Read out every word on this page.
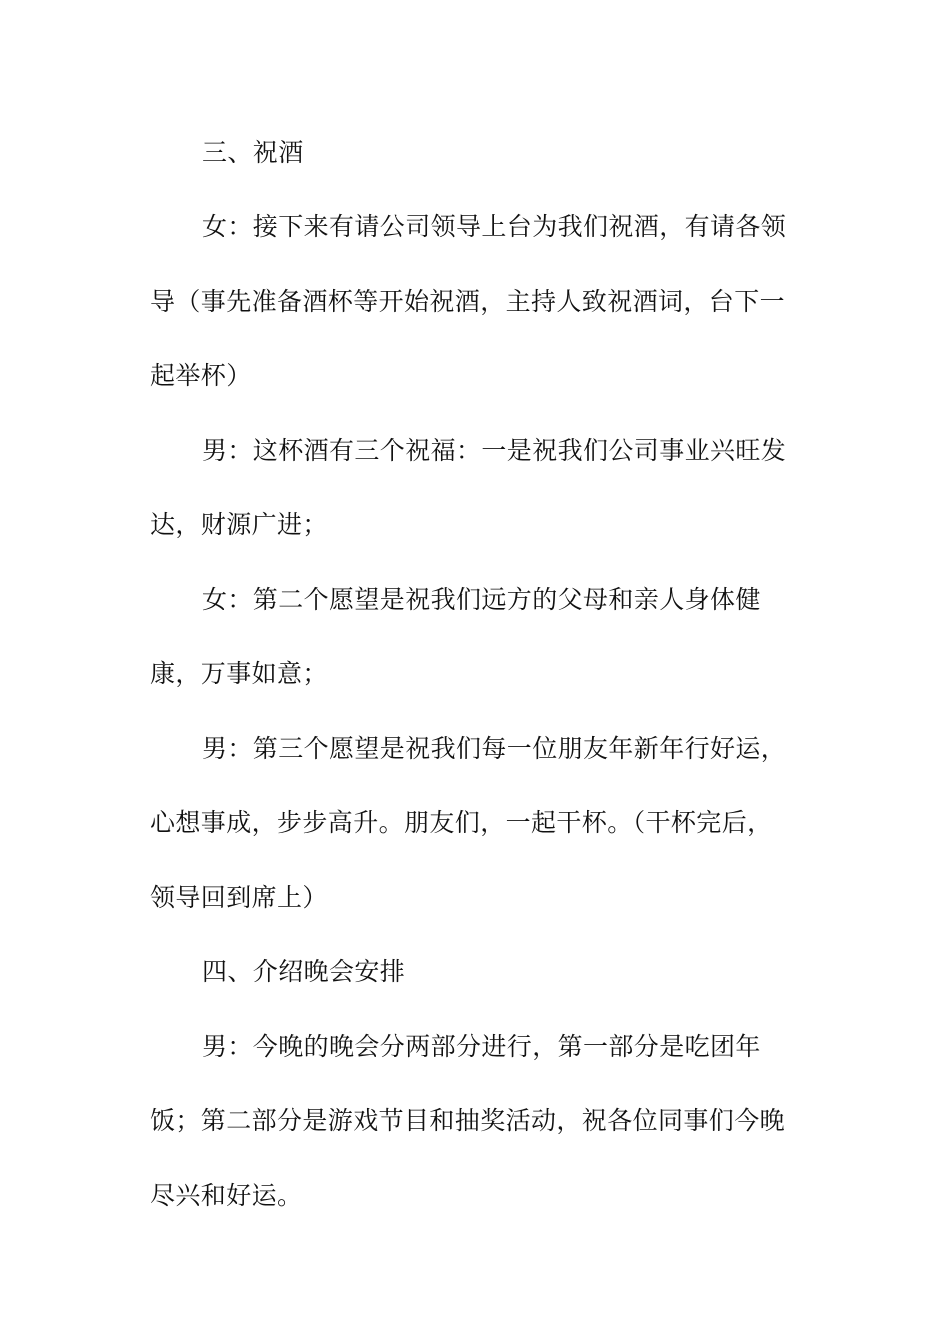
三、祝酒
女：接下来有请公司领导上台为我们祝酒，有请各领
导（事先准备酒杯等开始祝酒，主持人致祝酒词，台下一
起举杯）
男：这杯酒有三个祝福：一是祝我们公司事业兴旺发
达，财源广进；
女：第二个愿望是祝我们远方的父母和亲人身体健
康，万事如意；
男：第三个愿望是祝我们每一位朋友年新年行好运，
心想事成，步步高升。朋友们，一起干杯。（干杯完后，
领导回到席上）
四、介绍晚会安排
男：今晚的晚会分两部分进行，第一部分是吃团年
饭；第二部分是游戏节目和抽奖活动，祝各位同事们今晚
尽兴和好运。
